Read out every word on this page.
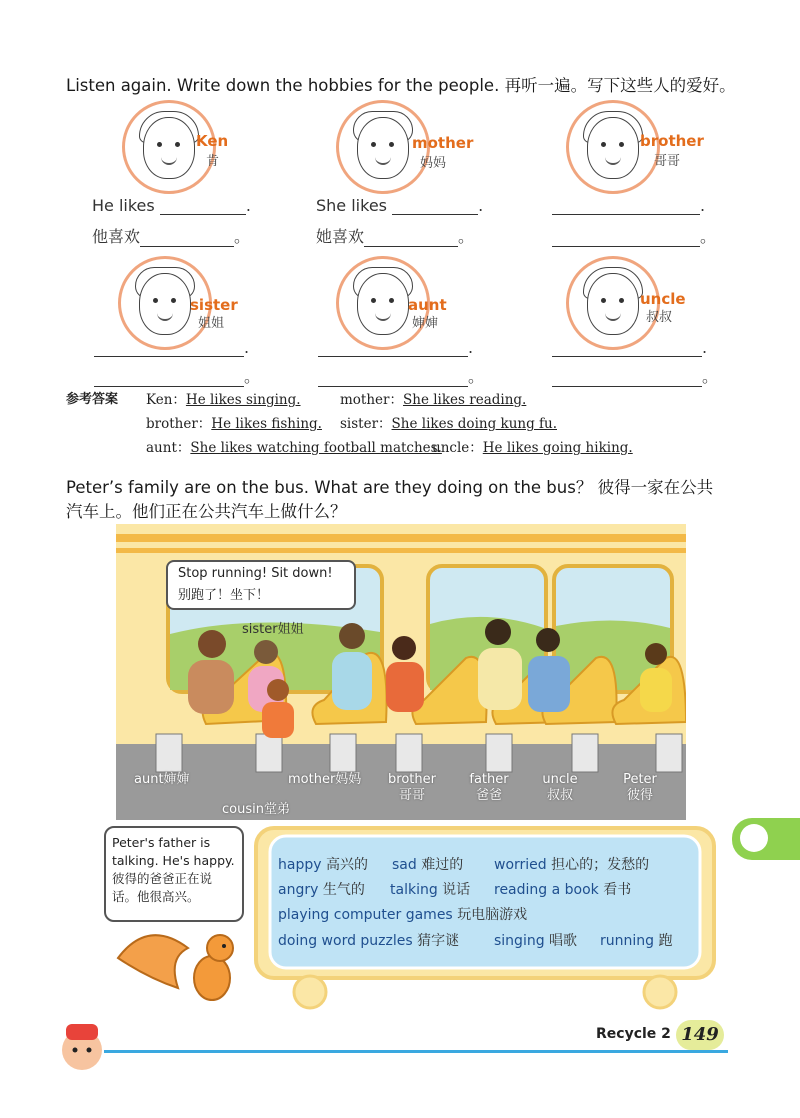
Listen again. Write down the hobbies for the people. 再听一遍。写下这些人的爱好。
Ken
肯
mother
妈妈
brother
哥哥
He likes	.
他喜欢	。
She likes	.
她喜欢	。
.
。
sister
姐姐
aunt
婶婶
uncle
叔叔
.
。
.
。
.
。
参考答案 Ken：He likes singing.	mother：She likes reading.
brother：He likes fishing. sister：She likes doing kung fu.
aunt：She likes watching football matches.
uncle：He likes going hiking.
Peter’s family are on the bus. What are they doing on the bus？ 彼得一家在公共
汽车上。他们正在公共汽车上做什么？
Stop running! Sit down!
别跑了！坐下！
sister姐姐
aunt婶婶
cousin堂弟
mother妈妈	brother
哥哥
father
爸爸
uncle
叔叔
Peter
彼得
Peter's father is
talking. He's happy.
彼得的爸爸正在说
话。他很高兴。
happy 高兴的 sad 难过的 worried 担心的；发愁的
angry 生气的 talking 说话 reading a book 看书
playing computer games 玩电脑游戏
doing word puzzles 猜字谜 singing 唱歌 running 跑
Recycle 2 149
